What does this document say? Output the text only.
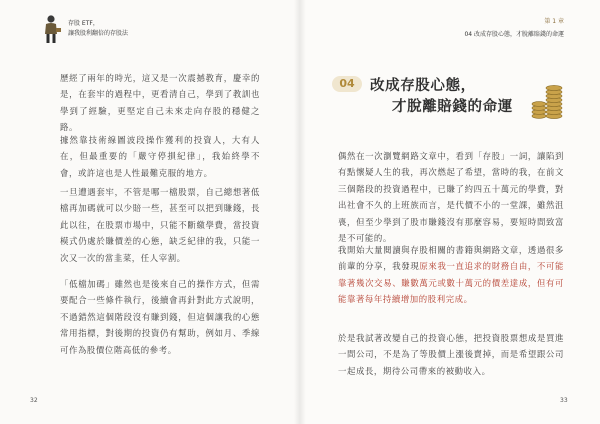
存股 ETF，
讓我股利翻倍的存股法

歷經了兩年的時光，這又是一次震撼教育，慶幸的是，在套牢的過程中，更看清自己，學到了教訓也學到了經驗，更堅定自己未來走向存股的穩健之路。

據然靠技術線圖波段操作獲利的投資人，大有人在，但最重要的「嚴守停損紀律」，我始終學不會，或許這也是人性最難克服的地方。

一旦遭遇套牢，不管是哪一檔股票，自己總想著低檔再加碼就可以少賠一些，甚至可以把到賺錢，長此以往，在股票市場中，只能不斷繳學費，當投資模式仍處於賺價差的心態，缺乏紀律的我，只能一次又一次的當韭菜，任人宰割。

「低檔加碼」雖然也是後來自己的操作方式，但需要配合一些條件執行，後續會再針對此方式說明，不過錯然這個階段沒有賺到錢，但這個讓我的心態常用指標，對後期的投資仍有幫助，例如月、季線可作為股價位階高低的參考。

32
第 1 章
04 改成存股心態，才脫離賠錢的命運
04	改成存股心態，
才脫離賠錢的命運

偶然在一次瀏覽網路文章中，看到「存股」一詞，讓陷到有點懷疑人生的我，再次燃起了希望，當時的我，在前文三個階段的投資過程中，已賺了約四五十萬元的學費，對出社會不久的上班族而言，是代價不小的一堂課，雖然沮喪，但至少學到了股市賺錢沒有那麼容易，要短時間致富是不可能的。

我開始大量閱讀與存股相關的書籍與網路文章，透過很多前輩的分享，我發現原來我一直追求的財務自由，不可能靠著幾次交易、賺數萬元或數十萬元的價差達成，但有可能靠著每年持續增加的股利完成。

於是我試著改變自己的投資心態，把投資股票想成是買進一間公司，不是為了等股價上漲後賣掉，而是希望跟公司一起成長，期待公司帶來的被動收入。

33
